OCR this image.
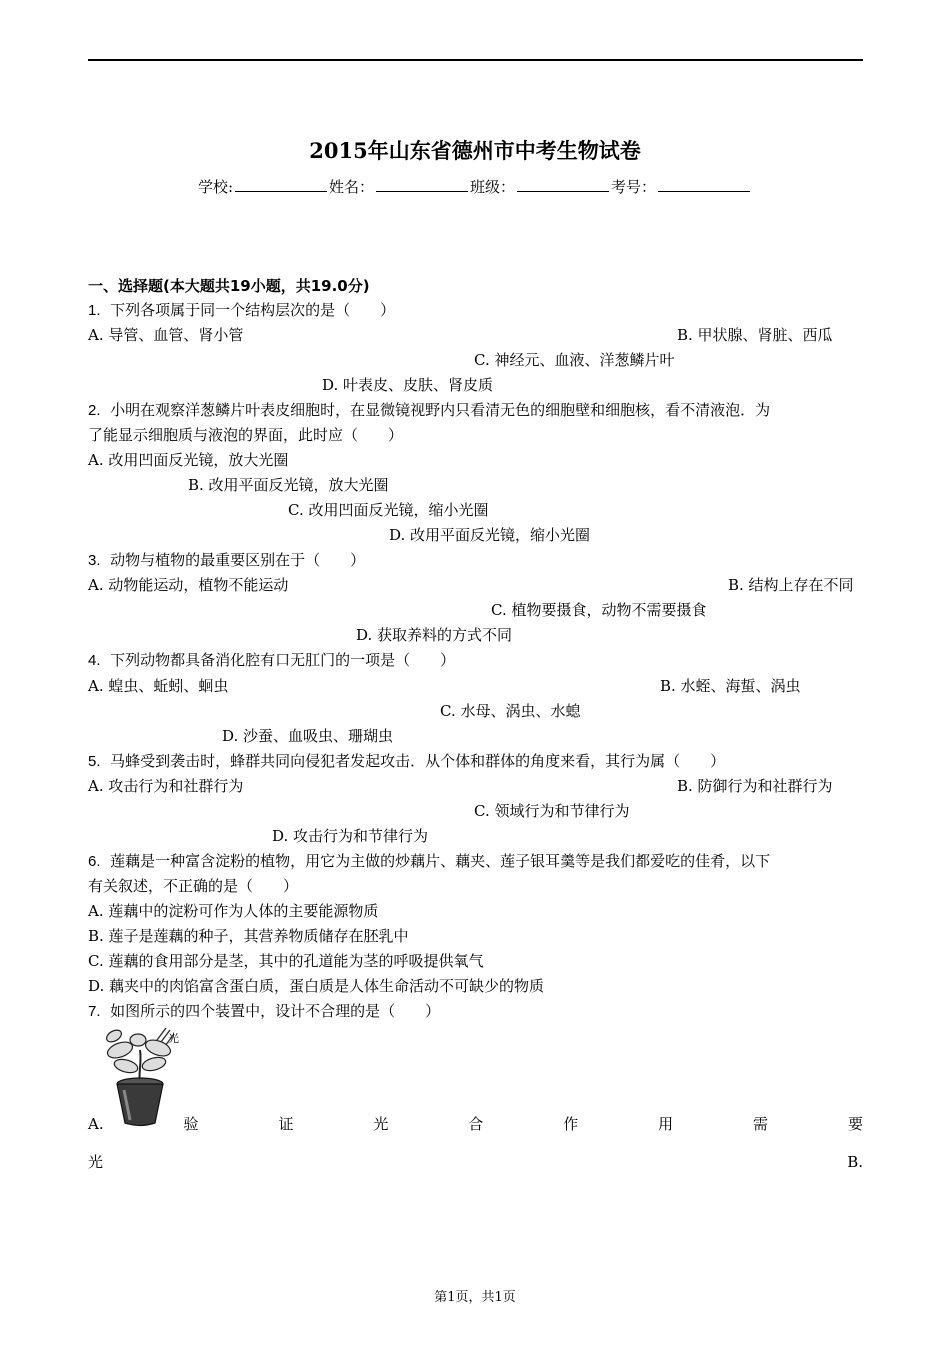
2015年山东省德州市中考生物试卷
学校:	姓名：	班级：	考号：
一、选择题(本大题共19小题，共19.0分)
1. 下列各项属于同一个结构层次的是（　　）
A. 导管、血管、肾小管	B. 甲状腺、肾脏、西瓜
C. 神经元、血液、洋葱鳞片叶
D. 叶表皮、皮肤、肾皮质
2. 小明在观察洋葱鳞片叶表皮细胞时，在显微镜视野内只看清无色的细胞壁和细胞核，看不清液泡．为
了能显示细胞质与液泡的界面，此时应（　　）
A. 改用凹面反光镜，放大光圈
B. 改用平面反光镜，放大光圈
C. 改用凹面反光镜，缩小光圈
D. 改用平面反光镜，缩小光圈
3. 动物与植物的最重要区别在于（　　）
A. 动物能运动，植物不能运动	B. 结构上存在不同
C. 植物要摄食，动物不需要摄食
D. 获取养料的方式不同
4. 下列动物都具备消化腔有口无肛门的一项是（　　）
A. 蝗虫、蚯蚓、蛔虫	B. 水蛭、海蜇、涡虫
C. 水母、涡虫、水螅
D. 沙蚕、血吸虫、珊瑚虫
5. 马蜂受到袭击时，蜂群共同向侵犯者发起攻击．从个体和群体的角度来看，其行为属（　　）
A. 攻击行为和社群行为	B. 防御行为和社群行为
C. 领域行为和节律行为
D. 攻击行为和节律行为
6. 莲藕是一种富含淀粉的植物，用它为主做的炒藕片、藕夹、莲子银耳羹等是我们都爱吃的佳肴，以下
有关叙述，不正确的是（　　）
A. 莲藕中的淀粉可作为人体的主要能源物质
B. 莲子是莲藕的种子，其营养物质储存在胚乳中
C. 莲藕的食用部分是茎，其中的孔道能为茎的呼吸提供氧气
D. 藕夹中的肉馅富含蛋白质，蛋白质是人体生命活动不可缺少的物质
7. 如图所示的四个装置中，设计不合理的是（　　）
光
A.	验	证	光	合	作	用	需	要
光	B.
第1页，共1页
